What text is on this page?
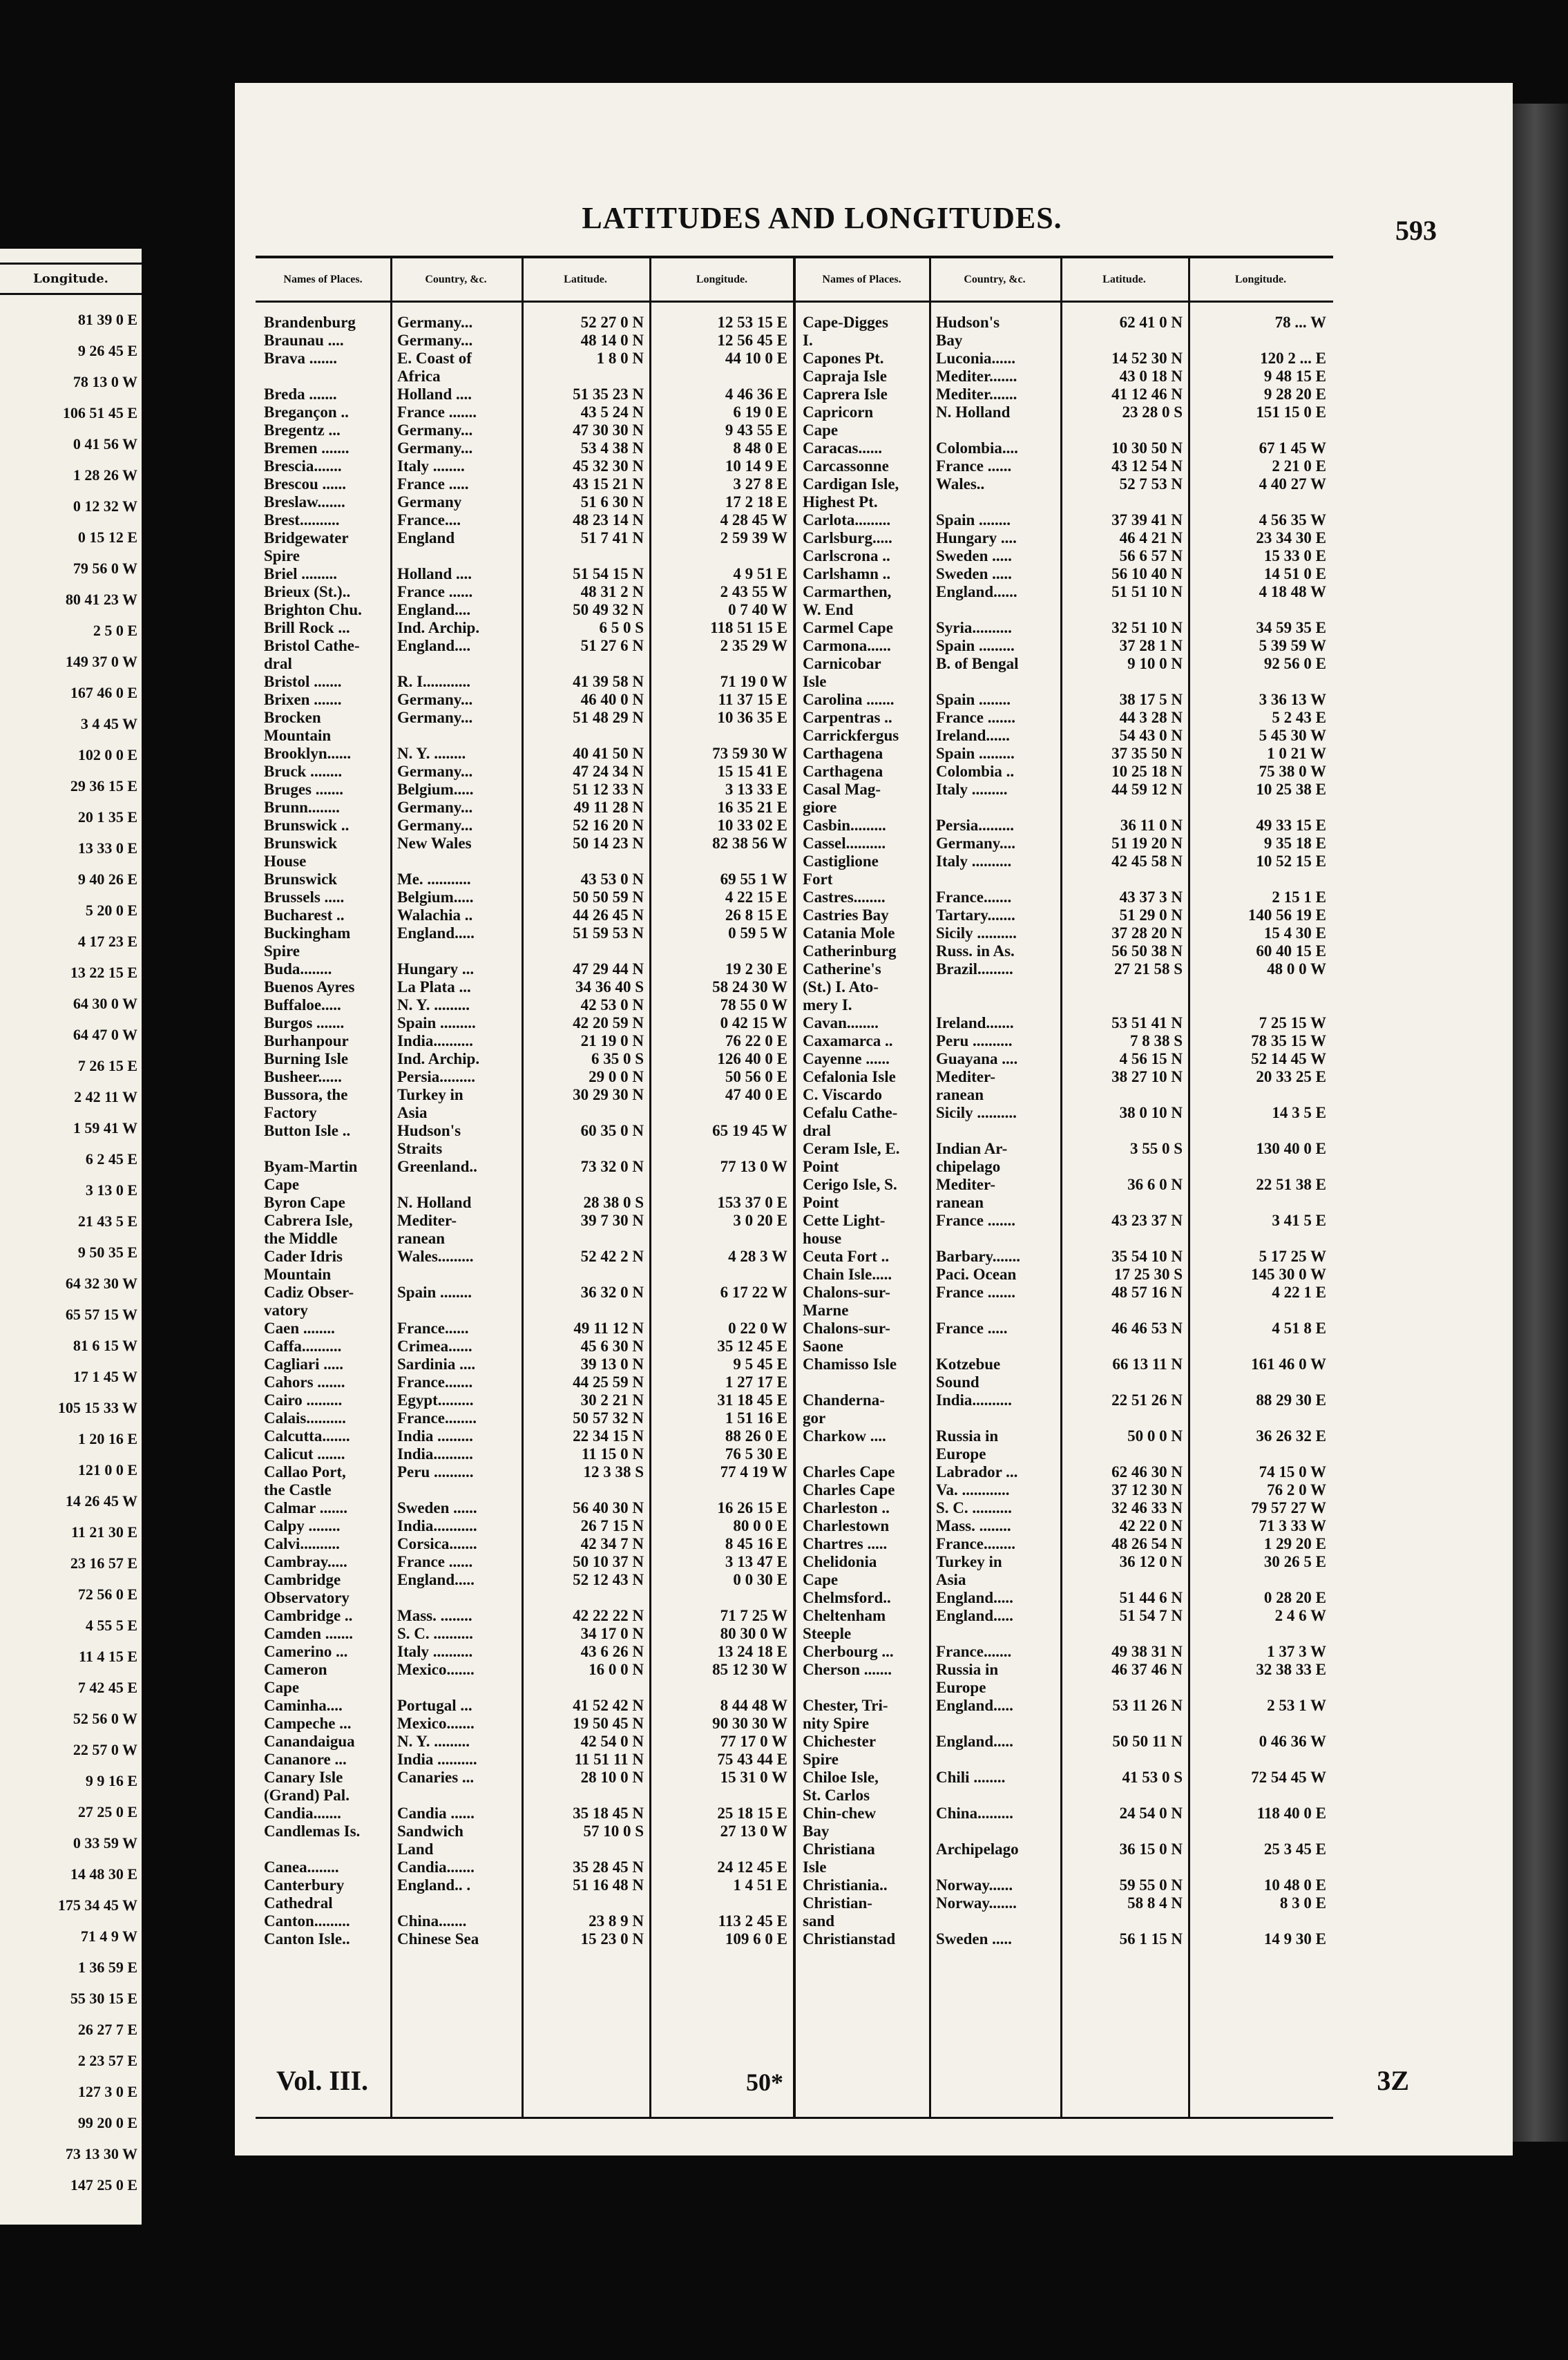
Longitude.
81 39 0 E
9 26 45 E
78 13 0 W
106 51 45 E
0 41 56 W
1 28 26 W
0 12 32 W
0 15 12 E
79 56 0 W
80 41 23 W
2 5 0 E
149 37 0 W
167 46 0 E
3 4 45 W
102 0 0 E
29 36 15 E
20 1 35 E
13 33 0 E
9 40 26 E
5 20 0 E
4 17 23 E
13 22 15 E
64 30 0 W
64 47 0 W
7 26 15 E
2 42 11 W
1 59 41 W
6 2 45 E
3 13 0 E
21 43 5 E
9 50 35 E
64 32 30 W
65 57 15 W
81 6 15 W
17 1 45 W
105 15 33 W
1 20 16 E
121 0 0 E
14 26 45 W
11 21 30 E
23 16 57 E
72 56 0 E
4 55 5 E
11 4 15 E
7 42 45 E
52 56 0 W
22 57 0 W
9 9 16 E
27 25 0 E
0 33 59 W
14 48 30 E
175 34 45 W
71 4 9 W
1 36 59 E
55 30 15 E
26 27 7 E
2 23 57 E
127 3 0 E
99 20 0 E
73 13 30 W
147 25 0 E
LATITUDES AND LONGITUDES.	593
Names of Places.	Country, &c.	Latitude.	Longitude.
Brandenburg	Germany...	52 27 0 N	12 53 15 E
Braunau ....	Germany...	48 14 0 N	12 56 45 E
Brava .......	E. Coast of	1 8 0 N	44 10 0 E
Africa
Breda .......	Holland ....	51 35 23 N	4 46 36 E
Bregançon ..	France .......	43 5 24 N	6 19 0 E
Bregentz ...	Germany...	47 30 30 N	9 43 55 E
Bremen .......	Germany...	53 4 38 N	8 48 0 E
Brescia.......	Italy ........	45 32 30 N	10 14 9 E
Brescou ......	France .....	43 15 21 N	3 27 8 E
Breslaw.......	Germany	51 6 30 N	17 2 18 E
Brest..........	France....	48 23 14 N	4 28 45 W
Bridgewater	England	51 7 41 N	2 59 39 W
Spire
Briel .........	Holland ....	51 54 15 N	4 9 51 E
Brieux (St.)..	France ......	48 31 2 N	2 43 55 W
Brighton Chu.	England....	50 49 32 N	0 7 40 W
Brill Rock ...	Ind. Archip.	6 5 0 S	118 51 15 E
Bristol Cathe-	England....	51 27 6 N	2 35 29 W
dral
Bristol .......	R. I............	41 39 58 N	71 19 0 W
Brixen .......	Germany...	46 40 0 N	11 37 15 E
Brocken	Germany...	51 48 29 N	10 36 35 E
Mountain
Brooklyn......	N. Y. ........	40 41 50 N	73 59 30 W
Bruck ........	Germany...	47 24 34 N	15 15 41 E
Bruges .......	Belgium.....	51 12 33 N	3 13 33 E
Brunn........	Germany...	49 11 28 N	16 35 21 E
Brunswick ..	Germany...	52 16 20 N	10 33 02 E
Brunswick	New Wales	50 14 23 N	82 38 56 W
House
Brunswick	Me. ...........	43 53 0 N	69 55 1 W
Brussels .....	Belgium.....	50 50 59 N	4 22 15 E
Bucharest ..	Walachia ..	44 26 45 N	26 8 15 E
Buckingham	England.....	51 59 53 N	0 59 5 W
Spire
Buda........	Hungary ...	47 29 44 N	19 2 30 E
Buenos Ayres	La Plata ...	34 36 40 S	58 24 30 W
Buffaloe.....	N. Y. .........	42 53 0 N	78 55 0 W
Burgos .......	Spain .........	42 20 59 N	0 42 15 W
Burhanpour	India..........	21 19 0 N	76 22 0 E
Burning Isle	Ind. Archip.	6 35 0 S	126 40 0 E
Busheer......	Persia.........	29 0 0 N	50 56 0 E
Bussora, the	Turkey in	30 29 30 N	47 40 0 E
Factory	Asia
Button Isle ..	Hudson's	60 35 0 N	65 19 45 W
Straits
Byam-Martin	Greenland..	73 32 0 N	77 13 0 W
Cape
Byron Cape	N. Holland	28 38 0 S	153 37 0 E
Cabrera Isle,	Mediter-	39 7 30 N	3 0 20 E
the Middle	ranean
Cader Idris	Wales.........	52 42 2 N	4 28 3 W
Mountain
Cadiz Obser-	Spain ........	36 32 0 N	6 17 22 W
vatory
Caen ........	France......	49 11 12 N	0 22 0 W
Caffa..........	Crimea......	45 6 30 N	35 12 45 E
Cagliari .....	Sardinia ....	39 13 0 N	9 5 45 E
Cahors .......	France.......	44 25 59 N	1 27 17 E
Cairo .........	Egypt.........	30 2 21 N	31 18 45 E
Calais..........	France........	50 57 32 N	1 51 16 E
Calcutta.......	India .........	22 34 15 N	88 26 0 E
Calicut .......	India..........	11 15 0 N	76 5 30 E
Callao Port,	Peru ..........	12 3 38 S	77 4 19 W
the Castle
Calmar .......	Sweden ......	56 40 30 N	16 26 15 E
Calpy ........	India...........	26 7 15 N	80 0 0 E
Calvi..........	Corsica.......	42 34 7 N	8 45 16 E
Cambray.....	France ......	50 10 37 N	3 13 47 E
Cambridge	England.....	52 12 43 N	0 0 30 E
Observatory
Cambridge ..	Mass. ........	42 22 22 N	71 7 25 W
Camden .......	S. C. ..........	34 17 0 N	80 30 0 W
Camerino ...	Italy ..........	43 6 26 N	13 24 18 E
Cameron	Mexico.......	16 0 0 N	85 12 30 W
Cape
Caminha....	Portugal ...	41 52 42 N	8 44 48 W
Campeche ...	Mexico.......	19 50 45 N	90 30 30 W
Canandaigua	N. Y. .........	42 54 0 N	77 17 0 W
Cananore ...	India ..........	11 51 11 N	75 43 44 E
Canary Isle	Canaries ...	28 10 0 N	15 31 0 W
(Grand) Pal.
Candia.......	Candia ......	35 18 45 N	25 18 15 E
Candlemas Is.	Sandwich	57 10 0 S	27 13 0 W
Land
Canea........	Candia.......	35 28 45 N	24 12 45 E
Canterbury	England.. .	51 16 48 N	1 4 51 E
Cathedral
Canton.........	China.......	23 8 9 N	113 2 45 E
Canton Isle..	Chinese Sea	15 23 0 N	109 6 0 E
Names of Places.	Country, &c.	Latitude.	Longitude.
Cape-Digges	Hudson's	62 41 0 N	78 ... W
I.	Bay
Capones Pt.	Luconia......	14 52 30 N	120 2 ... E
Capraja Isle	Mediter.......	43 0 18 N	9 48 15 E
Caprera Isle	Mediter.......	41 12 46 N	9 28 20 E
Capricorn	N. Holland	23 28 0 S	151 15 0 E
Cape
Caracas......	Colombia....	10 30 50 N	67 1 45 W
Carcassonne	France ......	43 12 54 N	2 21 0 E
Cardigan Isle,	Wales..	52 7 53 N	4 40 27 W
Highest Pt.
Carlota.........	Spain ........	37 39 41 N	4 56 35 W
Carlsburg.....	Hungary ....	46 4 21 N	23 34 30 E
Carlscrona ..	Sweden .....	56 6 57 N	15 33 0 E
Carlshamn ..	Sweden .....	56 10 40 N	14 51 0 E
Carmarthen,	England......	51 51 10 N	4 18 48 W
W. End
Carmel Cape	Syria..........	32 51 10 N	34 59 35 E
Carmona......	Spain .........	37 28 1 N	5 39 59 W
Carnicobar	B. of Bengal	9 10 0 N	92 56 0 E
Isle
Carolina .......	Spain ........	38 17 5 N	3 36 13 W
Carpentras ..	France .......	44 3 28 N	5 2 43 E
Carrickfergus	Ireland......	54 43 0 N	5 45 30 W
Carthagena	Spain .........	37 35 50 N	1 0 21 W
Carthagena	Colombia ..	10 25 18 N	75 38 0 W
Casal Mag-	Italy .........	44 59 12 N	10 25 38 E
giore
Casbin.........	Persia.........	36 11 0 N	49 33 15 E
Cassel..........	Germany....	51 19 20 N	9 35 18 E
Castiglione	Italy ..........	42 45 58 N	10 52 15 E
Fort
Castres........	France.......	43 37 3 N	2 15 1 E
Castries Bay	Tartary.......	51 29 0 N	140 56 19 E
Catania Mole	Sicily ..........	37 28 20 N	15 4 30 E
Catherinburg	Russ. in As.	56 50 38 N	60 40 15 E
Catherine's	Brazil.........	27 21 58 S	48 0 0 W
(St.) I. Ato-
mery I.
Cavan........	Ireland.......	53 51 41 N	7 25 15 W
Caxamarca ..	Peru ..........	7 8 38 S	78 35 15 W
Cayenne ......	Guayana ....	4 56 15 N	52 14 45 W
Cefalonia Isle	Mediter-	38 27 10 N	20 33 25 E
C. Viscardo	ranean
Cefalu Cathe-	Sicily ..........	38 0 10 N	14 3 5 E
dral
Ceram Isle, E.	Indian Ar-	3 55 0 S	130 40 0 E
Point	chipelago
Cerigo Isle, S.	Mediter-	36 6 0 N	22 51 38 E
Point	ranean
Cette Light-	France .......	43 23 37 N	3 41 5 E
house
Ceuta Fort ..	Barbary.......	35 54 10 N	5 17 25 W
Chain Isle.....	Paci. Ocean	17 25 30 S	145 30 0 W
Chalons-sur-	France .......	48 57 16 N	4 22 1 E
Marne
Chalons-sur-	France .....	46 46 53 N	4 51 8 E
Saone
Chamisso Isle	Kotzebue	66 13 11 N	161 46 0 W
Sound
Chanderna-	India..........	22 51 26 N	88 29 30 E
gor
Charkow ....	Russia in	50 0 0 N	36 26 32 E
Europe
Charles Cape	Labrador ...	62 46 30 N	74 15 0 W
Charles Cape	Va. ............	37 12 30 N	76 2 0 W
Charleston ..	S. C. ..........	32 46 33 N	79 57 27 W
Charlestown	Mass. ........	42 22 0 N	71 3 33 W
Chartres .....	France........	48 26 54 N	1 29 20 E
Chelidonia	Turkey in	36 12 0 N	30 26 5 E
Cape	Asia
Chelmsford..	England.....	51 44 6 N	0 28 20 E
Cheltenham	England.....	51 54 7 N	2 4 6 W
Steeple
Cherbourg ...	France.......	49 38 31 N	1 37 3 W
Cherson .......	Russia in	46 37 46 N	32 38 33 E
Europe
Chester, Tri-	England.....	53 11 26 N	2 53 1 W
nity Spire
Chichester	England.....	50 50 11 N	0 46 36 W
Spire
Chiloe Isle,	Chili ........	41 53 0 S	72 54 45 W
St. Carlos
Chin-chew	China.........	24 54 0 N	118 40 0 E
Bay
Christiana	Archipelago	36 15 0 N	25 3 45 E
Isle
Christiania..	Norway......	59 55 0 N	10 48 0 E
Christian-	Norway.......	58 8 4 N	8 3 0 E
sand
Christianstad	Sweden .....	56 1 15 N	14 9 30 E
Vol. III.	50*	3Z
